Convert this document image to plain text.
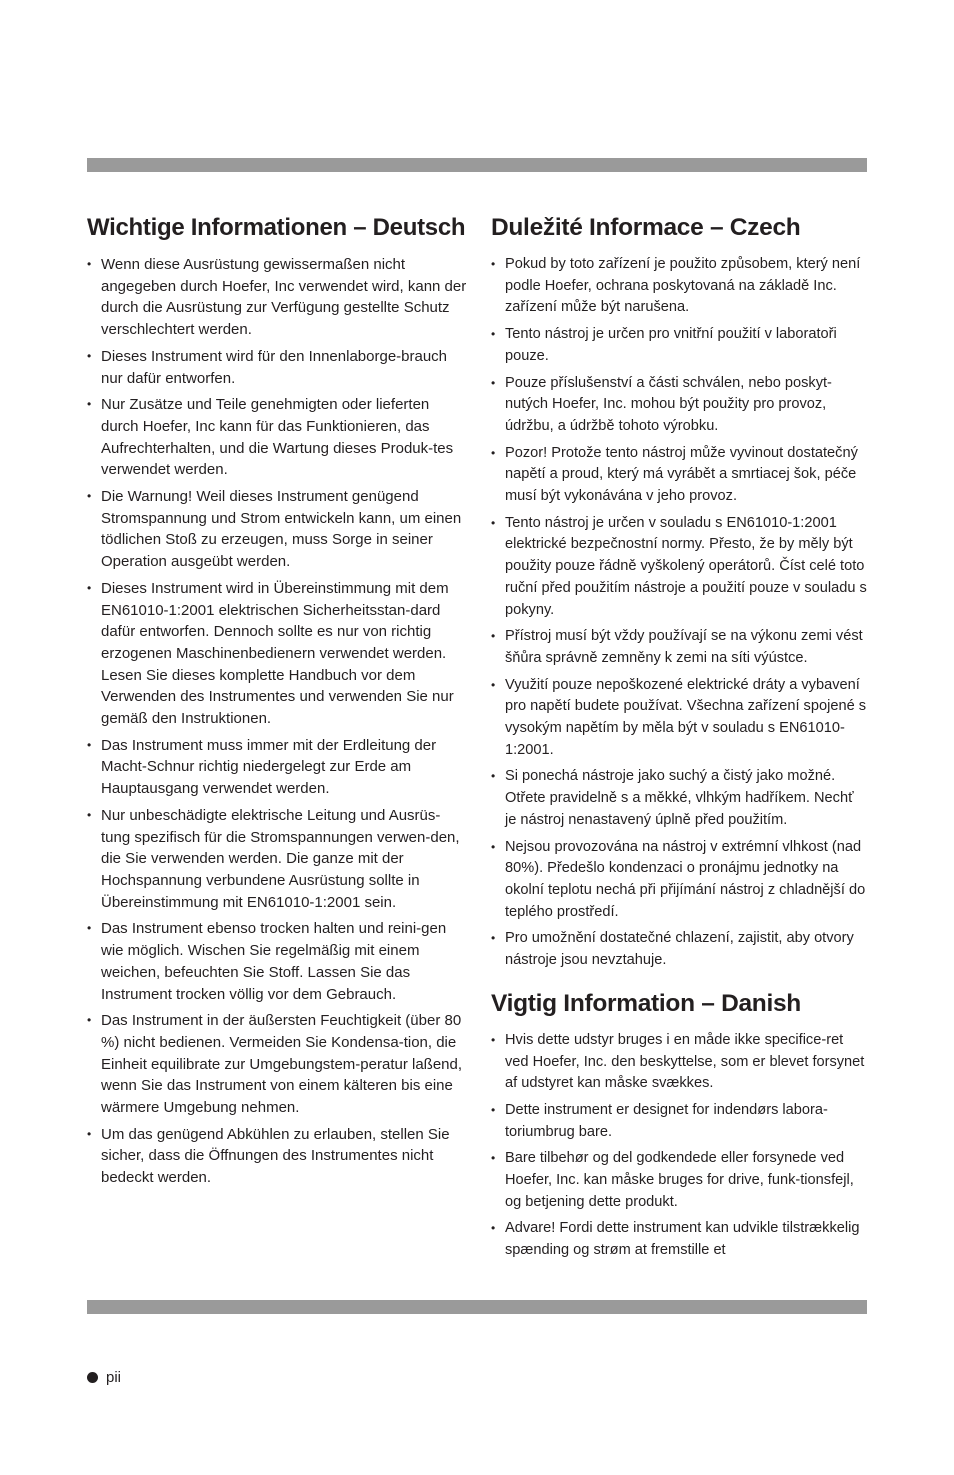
Wichtige Informationen – Deutsch
• Wenn diese Ausrüstung gewissermaßen nicht angegeben durch Hoefer, Inc verwendet wird, kann der durch die Ausrüstung zur Verfügung gestellte Schutz verschlechtert werden.
• Dieses Instrument wird für den Innenlaborge-brauch nur dafür entworfen.
• Nur Zusätze und Teile genehmigten oder lieferten durch Hoefer, Inc kann für das Funktionieren, das Aufrechterhalten, und die Wartung dieses Produk-tes verwendet werden.
• Die Warnung! Weil dieses Instrument genügend Stromspannung und Strom entwickeln kann, um einen tödlichen Stoß zu erzeugen, muss Sorge in seiner Operation ausgeübt werden.
• Dieses Instrument wird in Übereinstimmung mit dem EN61010-1:2001 elektrischen Sicherheitsstan-dard dafür entworfen. Dennoch sollte es nur von richtig erzogenen Maschinenbedienern verwendet werden. Lesen Sie dieses komplette Handbuch vor dem Verwenden des Instrumentes und verwenden Sie nur gemäß den Instruktionen.
• Das Instrument muss immer mit der Erdleitung der Macht-Schnur richtig niedergelegt zur Erde am Hauptausgang verwendet werden.
• Nur unbeschädigte elektrische Leitung und Ausrüs-tung spezifisch für die Stromspannungen verwen-den, die Sie verwenden werden. Die ganze mit der Hochspannung verbundene Ausrüstung sollte in Übereinstimmung mit EN61010-1:2001 sein.
• Das Instrument ebenso trocken halten und reini-gen wie möglich. Wischen Sie regelmäßig mit einem weichen, befeuchten Sie Stoff. Lassen Sie das Instrument trocken völlig vor dem Gebrauch.
• Das Instrument in der äußersten Feuchtigkeit (über 80 %) nicht bedienen. Vermeiden Sie Kondensa-tion, die Einheit equilibrate zur Umgebungstem-peratur laßend, wenn Sie das Instrument von einem kälteren bis eine wärmere Umgebung nehmen.
• Um das genügend Abkühlen zu erlauben, stellen Sie sicher, dass die Öffnungen des Instrumentes nicht bedeckt werden.
Duležité Informace – Czech
• Pokud by toto zařízení je použito způsobem, který není podle Hoefer, ochrana poskytovaná na základě Inc. zařízení může být narušena.
• Tento nástroj je určen pro vnitřní použití v laboratoři pouze.
• Pouze příslušenství a části schválen, nebo poskyt-nutých Hoefer, Inc. mohou být použity pro provoz, údržbu, a údržbě tohoto výrobku.
• Pozor! Protože tento nástroj může vyvinout dostatečný napětí a proud, který má vyrábět a smrtiacej šok, péče musí být vykonávána v jeho provoz.
• Tento nástroj je určen v souladu s EN61010-1:2001 elektrické bezpečnostní normy. Přesto, že by měly být použity pouze řádně vyškolený operátorů. Číst celé toto ruční před použitím nástroje a použití pouze v souladu s pokyny.
• Přístroj musí být vždy používají se na výkonu zemi vést šňůra správně zemněny k zemi na síti výústce.
• Využití pouze nepoškozené elektrické dráty a vybavení pro napětí budete používat. Všechna zařízení spojené s vysokým napětím by měla být v souladu s EN61010-1:2001.
• Si ponechá nástroje jako suchý a čistý jako možné. Otřete pravidelně s a měkké, vlhkým hadříkem. Nechť je nástroj nenastavený úplně před použitím.
• Nejsou provozována na nástroj v extrémní vlhkost (nad 80%). Předešlo kondenzaci o pronájmu jednotky na okolní teplotu nechá při přijímání nástroj z chladnější do teplého prostředí.
• Pro umožnění dostatečné chlazení, zajistit, aby otvory nástroje jsou nevztahuje.
Vigtig Information – Danish
• Hvis dette udstyr bruges i en måde ikke specifice-ret ved Hoefer, Inc. den beskyttelse, som er blevet forsynet af udstyret kan måske svækkes.
• Dette instrument er designet for indendørs labora-toriumbrug bare.
• Bare tilbehør og del godkendede eller forsynede ved Hoefer, Inc. kan måske bruges for drive, funk-tionsfejl, og betjening dette produkt.
• Advare! Fordi dette instrument kan udvikle tilstrækkelig spænding og strøm at fremstille et
pii
